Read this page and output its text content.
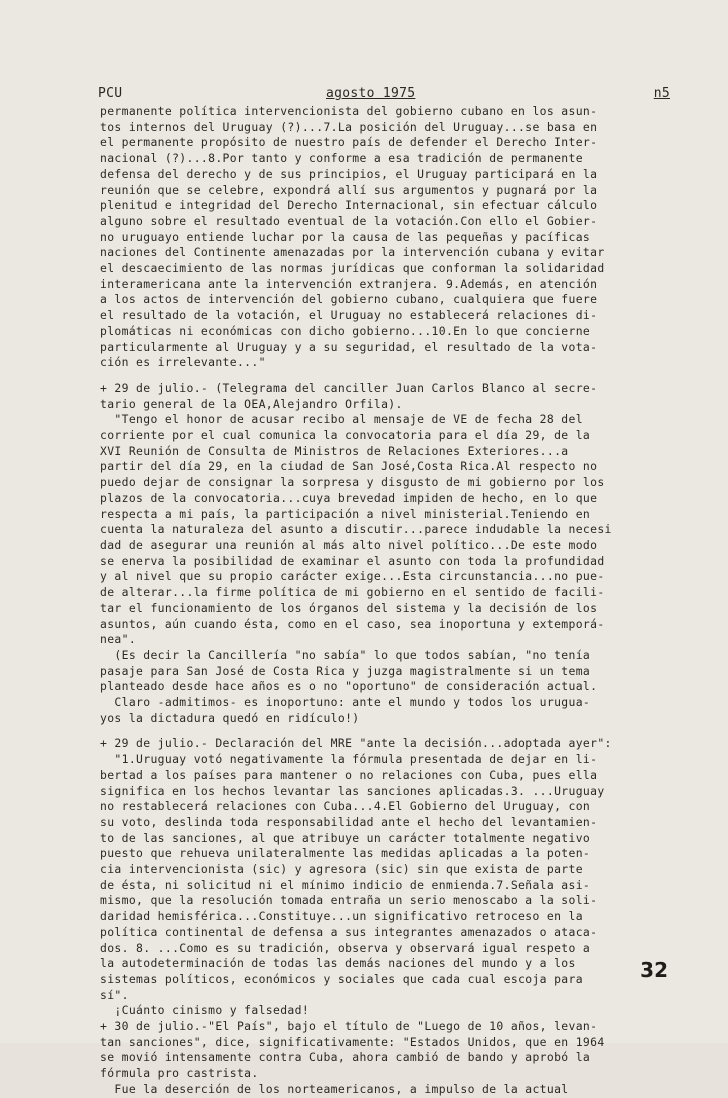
PCU	agosto 1975	n5

permanente política intervencionista del gobierno cubano en los asun-

tos internos del Uruguay (?)...7.La posición del Uruguay...se basa en

el permanente propósito de nuestro país de defender el Derecho Inter-

nacional (?)...8.Por tanto y conforme a esa tradición de permanente

defensa del derecho y de sus principios, el Uruguay participará en la

reunión que se celebre, expondrá allí sus argumentos y pugnará por la

plenitud e integridad del Derecho Internacional, sin efectuar cálculo

alguno sobre el resultado eventual de la votación.Con ello el Gobier-

no uruguayo entiende luchar por la causa de las pequeñas y pacíficas

naciones del Continente amenazadas por la intervención cubana y evitar

el descaecimiento de las normas jurídicas que conforman la solidaridad

interamericana ante la intervención extranjera. 9.Además, en atención

a los actos de intervención del gobierno cubano, cualquiera que fuere

el resultado de la votación, el Uruguay no establecerá relaciones di-

plomáticas ni económicas con dicho gobierno...10.En lo que concierne

particularmente al Uruguay y a su seguridad, el resultado de la vota-

ción es irrelevante..."

+ 29 de julio.- (Telegrama del canciller Juan Carlos Blanco al secre-

tario general de la OEA,Alejandro Orfila).

"Tengo el honor de acusar recibo al mensaje de VE de fecha 28 del

corriente por el cual comunica la convocatoria para el día 29, de la

XVI Reunión de Consulta de Ministros de Relaciones Exteriores...a

partir del día 29, en la ciudad de San José,Costa Rica.Al respecto no

puedo dejar de consignar la sorpresa y disgusto de mi gobierno por los

plazos de la convocatoria...cuya brevedad impiden de hecho, en lo que

respecta a mi país, la participación a nivel ministerial.Teniendo en

cuenta la naturaleza del asunto a discutir...parece indudable la necesi

dad de asegurar una reunión al más alto nivel político...De este modo

se enerva la posibilidad de examinar el asunto con toda la profundidad

y al nivel que su propio carácter exige...Esta circunstancia...no pue-

de alterar...la firme política de mi gobierno en el sentido de facili-

tar el funcionamiento de los órganos del sistema y la decisión de los

asuntos, aún cuando ésta, como en el caso, sea inoportuna y extemporá-

nea".

(Es decir la Cancillería "no sabía" lo que todos sabían, "no tenía

pasaje para San José de Costa Rica y juzga magistralmente si un tema

planteado desde hace años es o no "oportuno" de consideración actual.

Claro -admitimos- es inoportuno: ante el mundo y todos los urugua-

yos la dictadura quedó en ridículo!)

+ 29 de julio.- Declaración del MRE "ante la decisión...adoptada ayer":

"1.Uruguay votó negativamente la fórmula presentada de dejar en li-

bertad a los países para mantener o no relaciones con Cuba, pues ella

significa en los hechos levantar las sanciones aplicadas.3. ...Uruguay

no restablecerá relaciones con Cuba...4.El Gobierno del Uruguay, con

su voto, deslinda toda responsabilidad ante el hecho del levantamien-

to de las sanciones, al que atribuye un carácter totalmente negativo

puesto que rehueva unilateralmente las medidas aplicadas a la poten-

cia intervencionista (sic) y agresora (sic) sin que exista de parte

de ésta, ni solicitud ni el mínimo indicio de enmienda.7.Señala asi-

mismo, que la resolución tomada entraña un serio menoscabo a la soli-

daridad hemisférica...Constituye...un significativo retroceso en la

política continental de defensa a sus integrantes amenazados o ataca-

dos. 8. ...Como es su tradición, observa y observará igual respeto a

la autodeterminación de todas las demás naciones del mundo y a los

sistemas políticos, económicos y sociales que cada cual escoja para

sí".

¡Cuánto cinismo y falsedad!

+ 30 de julio.-"El País", bajo el título de "Luego de 10 años, levan-

tan sanciones", dice, significativamente: "Estados Unidos, que en 1964

se movió intensamente contra Cuba, ahora cambió de bando y aprobó la

fórmula pro castrista.

Fue la deserción de los norteamericanos, a impulso de la actual

32
